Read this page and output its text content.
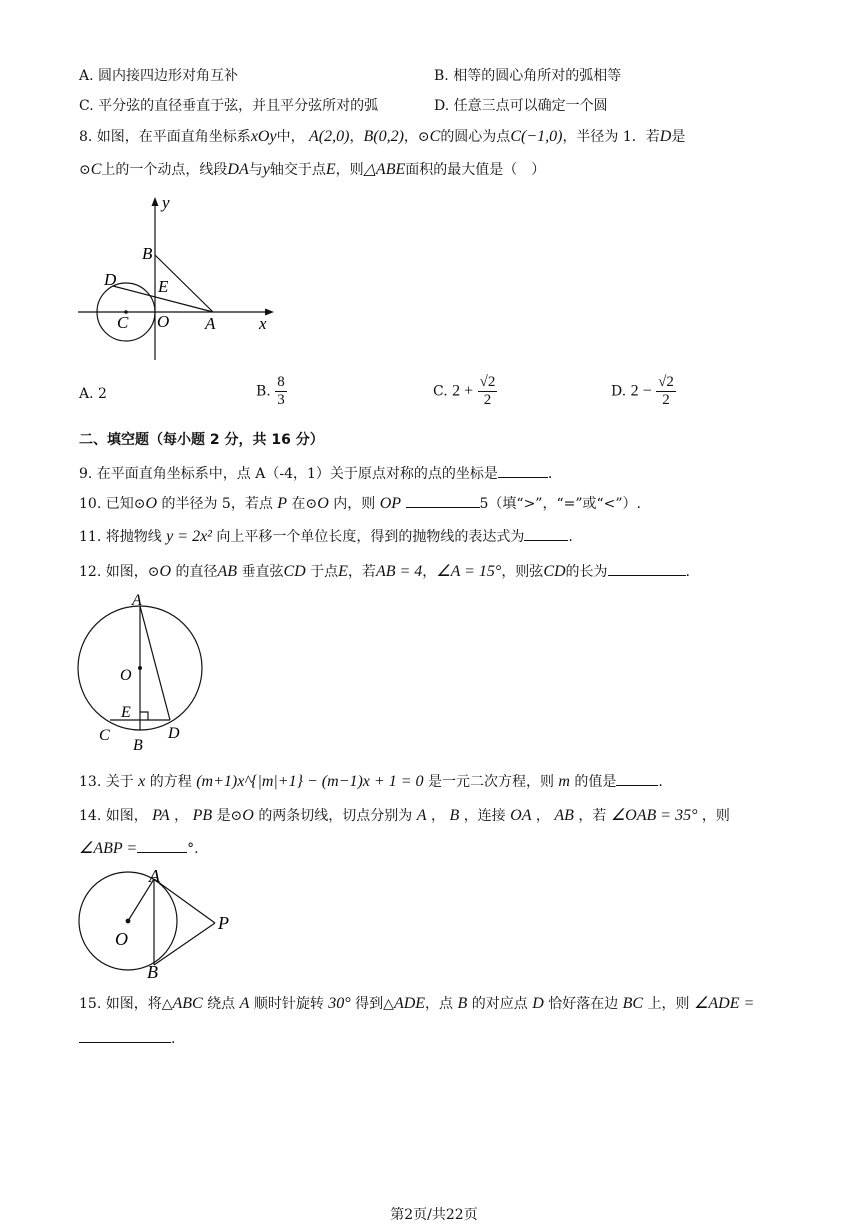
A. 圆内接四边形对角互补	B. 相等的圆心角所对的弧相等
C. 平分弦的直径垂直于弦，并且平分弦所对的弧	D. 任意三点可以确定一个圆
8. 如图，在平面直角坐标系xOy中， A(2,0)，B(0,2)，⊙C的圆心为点C(−1,0)，半径为 1．若D是
⊙C上的一个动点，线段DA与y轴交于点E，则△ABE面积的最大值是（　）
y
x
B
D E
C O A
A. 2	B. $\frac{8}{3}$	C. $2 + \frac{√2}{2}$	D. $2 - \frac{√2}{2}$
二、填空题（每小题 2 分，共 16 分）
9. 在平面直角坐标系中，点 A（-4，1）关于原点对称的点的坐标是	.
10. 已知⊙O 的半径为 5，若点 P 在⊙O 内，则 OP	5（填“>”，“=”或“<”）.
11. 将抛物线 y = 2x² 向上平移一个单位长度，得到的抛物线的表达式为	.
12. 如图，⊙O 的直径AB 垂直弦CD 于点E，若AB = 4，∠A = 15°，则弦CD的长为	.
A
O
E
C
B
D
13. 关于 x 的方程 (m+1)x^{|m|+1} − (m−1)x + 1 = 0 是一元二次方程，则 m 的值是	.
14. 如图， PA ， PB 是⊙O 的两条切线，切点分别为 A ， B ，连接 OA ， AB ，若 ∠OAB = 35° ，则
∠ABP =	°.
A
O
P
B
15. 如图，将△ABC 绕点 A 顺时针旋转 30° 得到△ADE，点 B 的对应点 D 恰好落在边 BC 上，则 ∠ADE =
.
第2页/共22页
